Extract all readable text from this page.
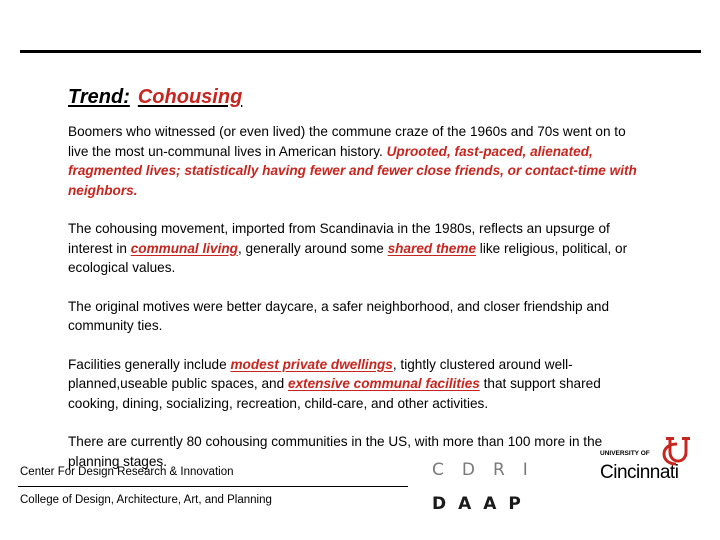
Trend: Cohousing

Boomers who witnessed (or even lived) the commune craze of the 1960s and 70s went on to live the most un-communal lives in American history. Uprooted, fast-paced, alienated, fragmented lives; statistically having fewer and fewer close friends, or contact-time with neighbors.

The cohousing movement, imported from Scandinavia in the 1980s, reflects an upsurge of interest in communal living, generally around some shared theme like religious, political, or ecological values.

The original motives were better daycare, a safer neighborhood, and closer friendship and community ties.

Facilities generally include modest private dwellings, tightly clustered around well-planned,useable public spaces, and extensive communal facilities that support shared cooking, dining, socializing, recreation, child-care, and other activities.

There are currently 80 cohousing communities in the US, with more than 100 more in the planning stages.

Center For Design Research & Innovation
College of Design, Architecture, Art, and Planning
CDRI
DAAP
UNIVERSITY OF
Cincinnati
